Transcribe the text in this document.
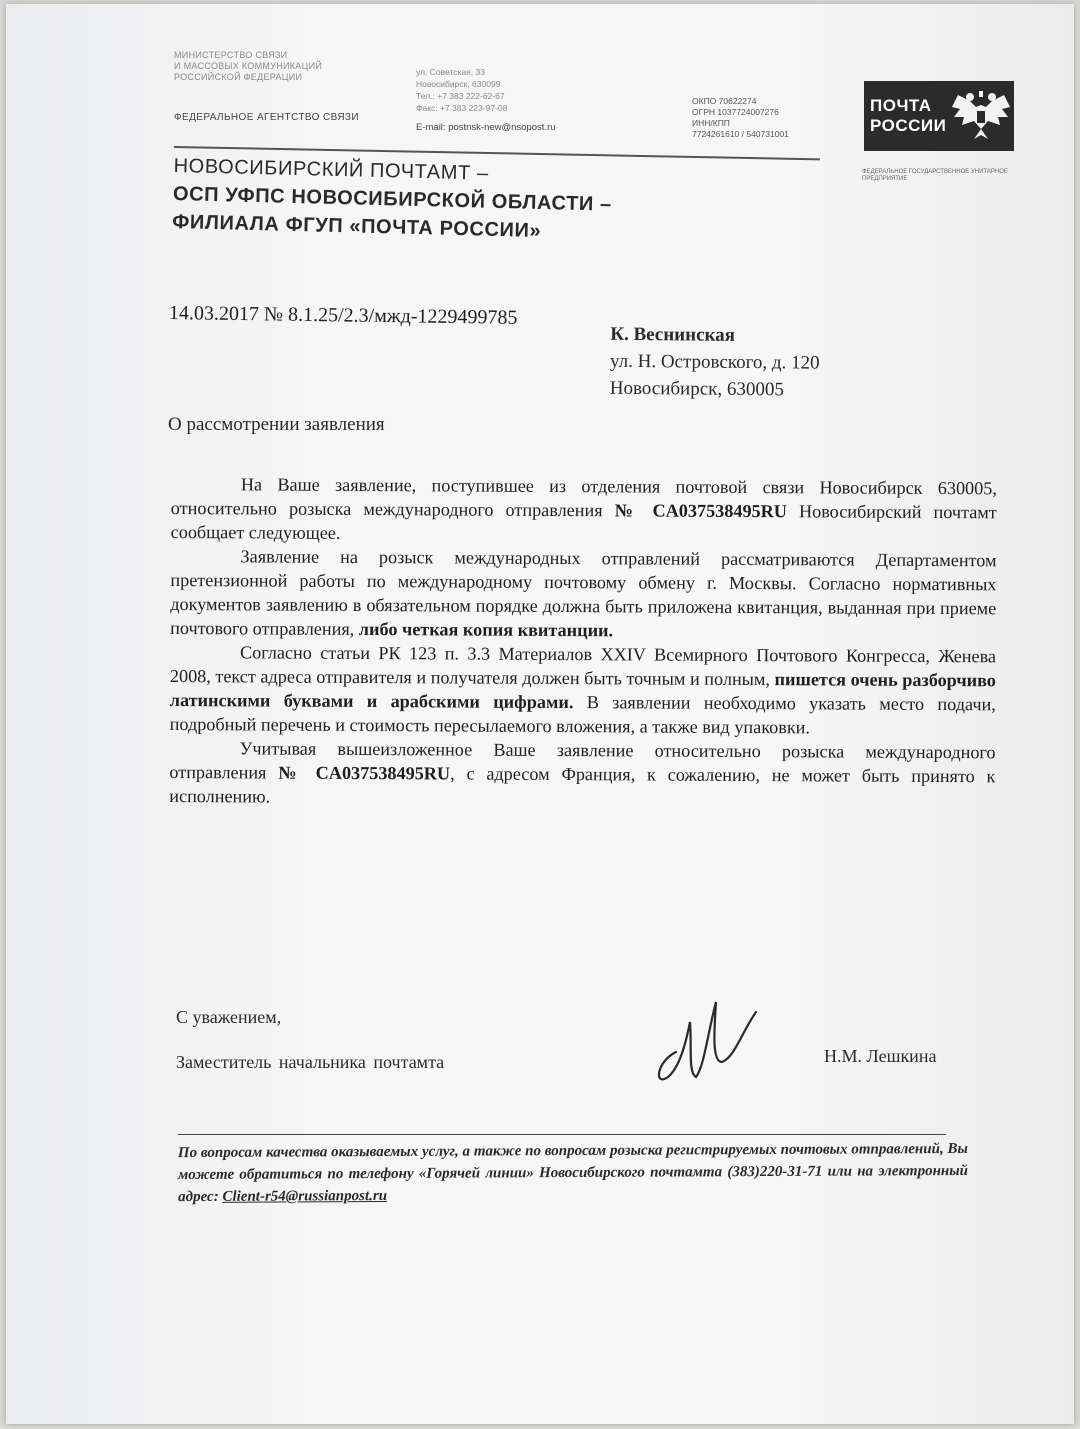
МИНИСТЕРСТВО СВЯЗИ
И МАССОВЫХ КОММУНИКАЦИЙ
РОССИЙСКОЙ ФЕДЕРАЦИИ
ФЕДЕРАЛЬНОЕ АГЕНТСТВО СВЯЗИ
ул. Советская, 33
Новосибирск, 630099
Тел.: +7 383 222-62-67
Факс: +7 383 223-97-08
E-mail: postnsk-new@nsopost.ru
ОКПО 70622274
ОГРН 1037724007276
ИНН/КПП
7724261610 / 540731001
ПОЧТА
РОССИИ
ФЕДЕРАЛЬНОЕ ГОСУДАРСТВЕННОЕ УНИТАРНОЕ ПРЕДПРИЯТИЕ
НОВОСИБИРСКИЙ ПОЧТАМТ –
ОСП УФПС НОВОСИБИРСКОЙ ОБЛАСТИ –
ФИЛИАЛА ФГУП «ПОЧТА РОССИИ»
14.03.2017 № 8.1.25/2.3/мжд-1229499785
К. Веснинская
ул. Н. Островского, д. 120
Новосибирск, 630005
О рассмотрении заявления

На Ваше заявление, поступившее из отделения почтовой связи Новосибирск 630005, относительно розыска международного отправления № CA037538495RU Новосибирский почтамт сообщает следующее.

Заявление на розыск международных отправлений рассматриваются Департаментом претензионной работы по международному почтовому обмену г. Москвы. Согласно нормативных документов заявлению в обязательном порядке должна быть приложена квитанция, выданная при приеме почтового отправления, либо четкая копия квитанции.

Согласно статьи РК 123 п. 3.3 Материалов XXIV Всемирного Почтового Конгресса, Женева 2008, текст адреса отправителя и получателя должен быть точным и полным, пишется очень разборчиво латинскими буквами и арабскими цифрами. В заявлении необходимо указать место подачи, подробный перечень и стоимость пересылаемого вложения, а также вид упаковки.

Учитывая вышеизложенное Ваше заявление относительно розыска международного отправления № CA037538495RU, с адресом Франция, к сожалению, не может быть принято к исполнению.

С уважением,
Заместитель начальника почтамта	Н.М. Лешкина
По вопросам качества оказываемых услуг, а также по вопросам розыска регистрируемых почтовых отправлений, Вы можете обратиться по телефону «Горячей линии» Новосибирского почтамта (383)220-31-71 или на электронный адрес: Client-r54@russianpost.ru
